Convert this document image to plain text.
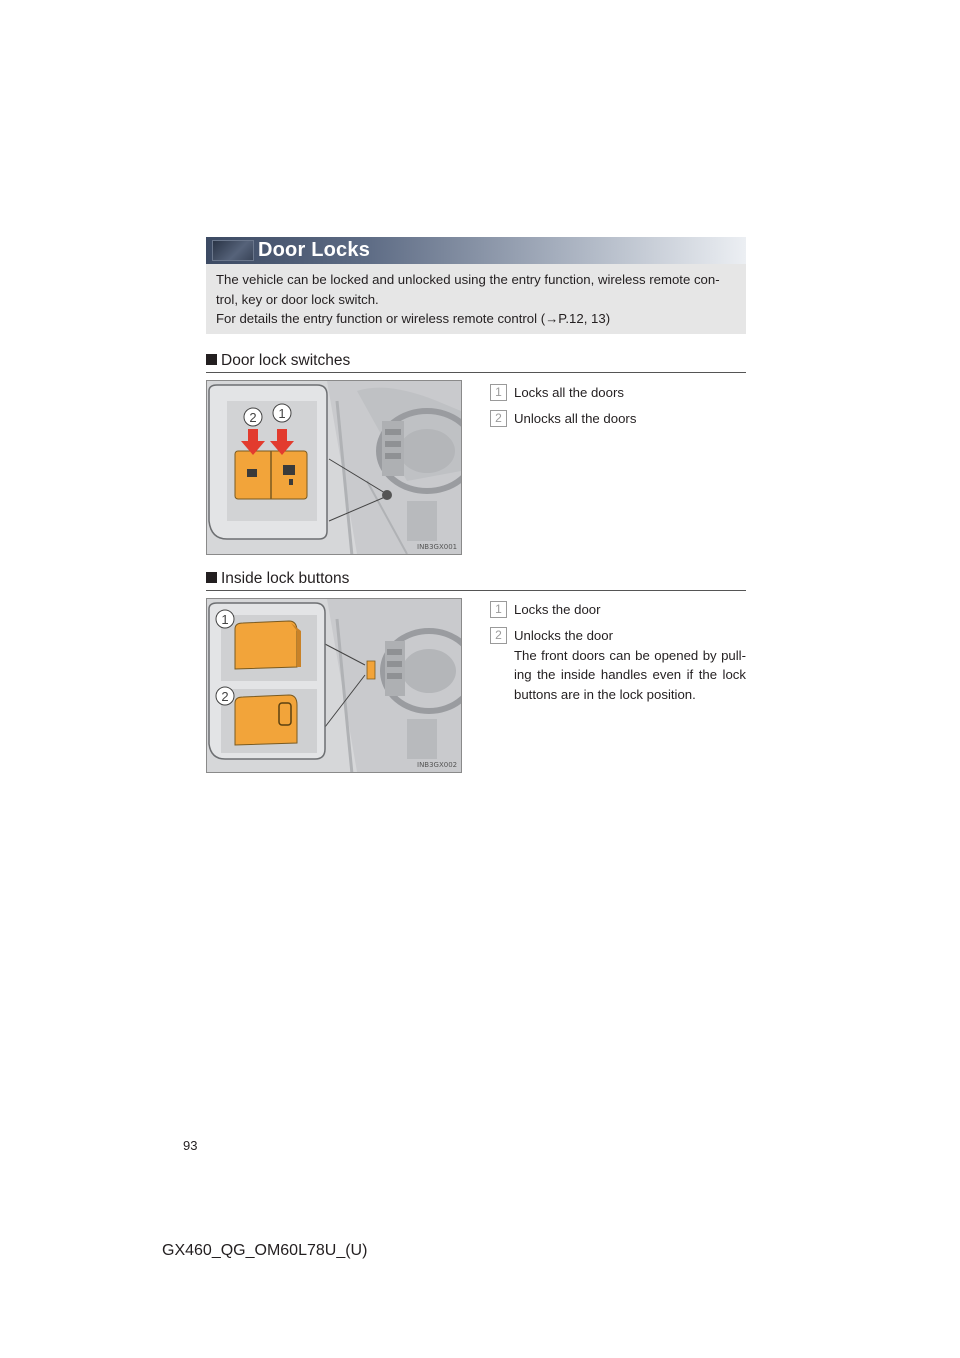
Door Locks

The vehicle can be locked and unlocked using the entry function, wireless remote con-

trol, key or door lock switch.

For details the entry function or wireless remote control (→P.12, 13)

Door lock switches
2 1
INB3GX001
1 Locks all the doors
2 Unlocks all the doors
Inside lock buttons
1
2
INB3GX002
1 Locks the door
2 Unlocks the door
The front doors can be opened by pull-ing the inside handles even if the lock buttons are in the lock position.
93
GX460_QG_OM60L78U_(U)
